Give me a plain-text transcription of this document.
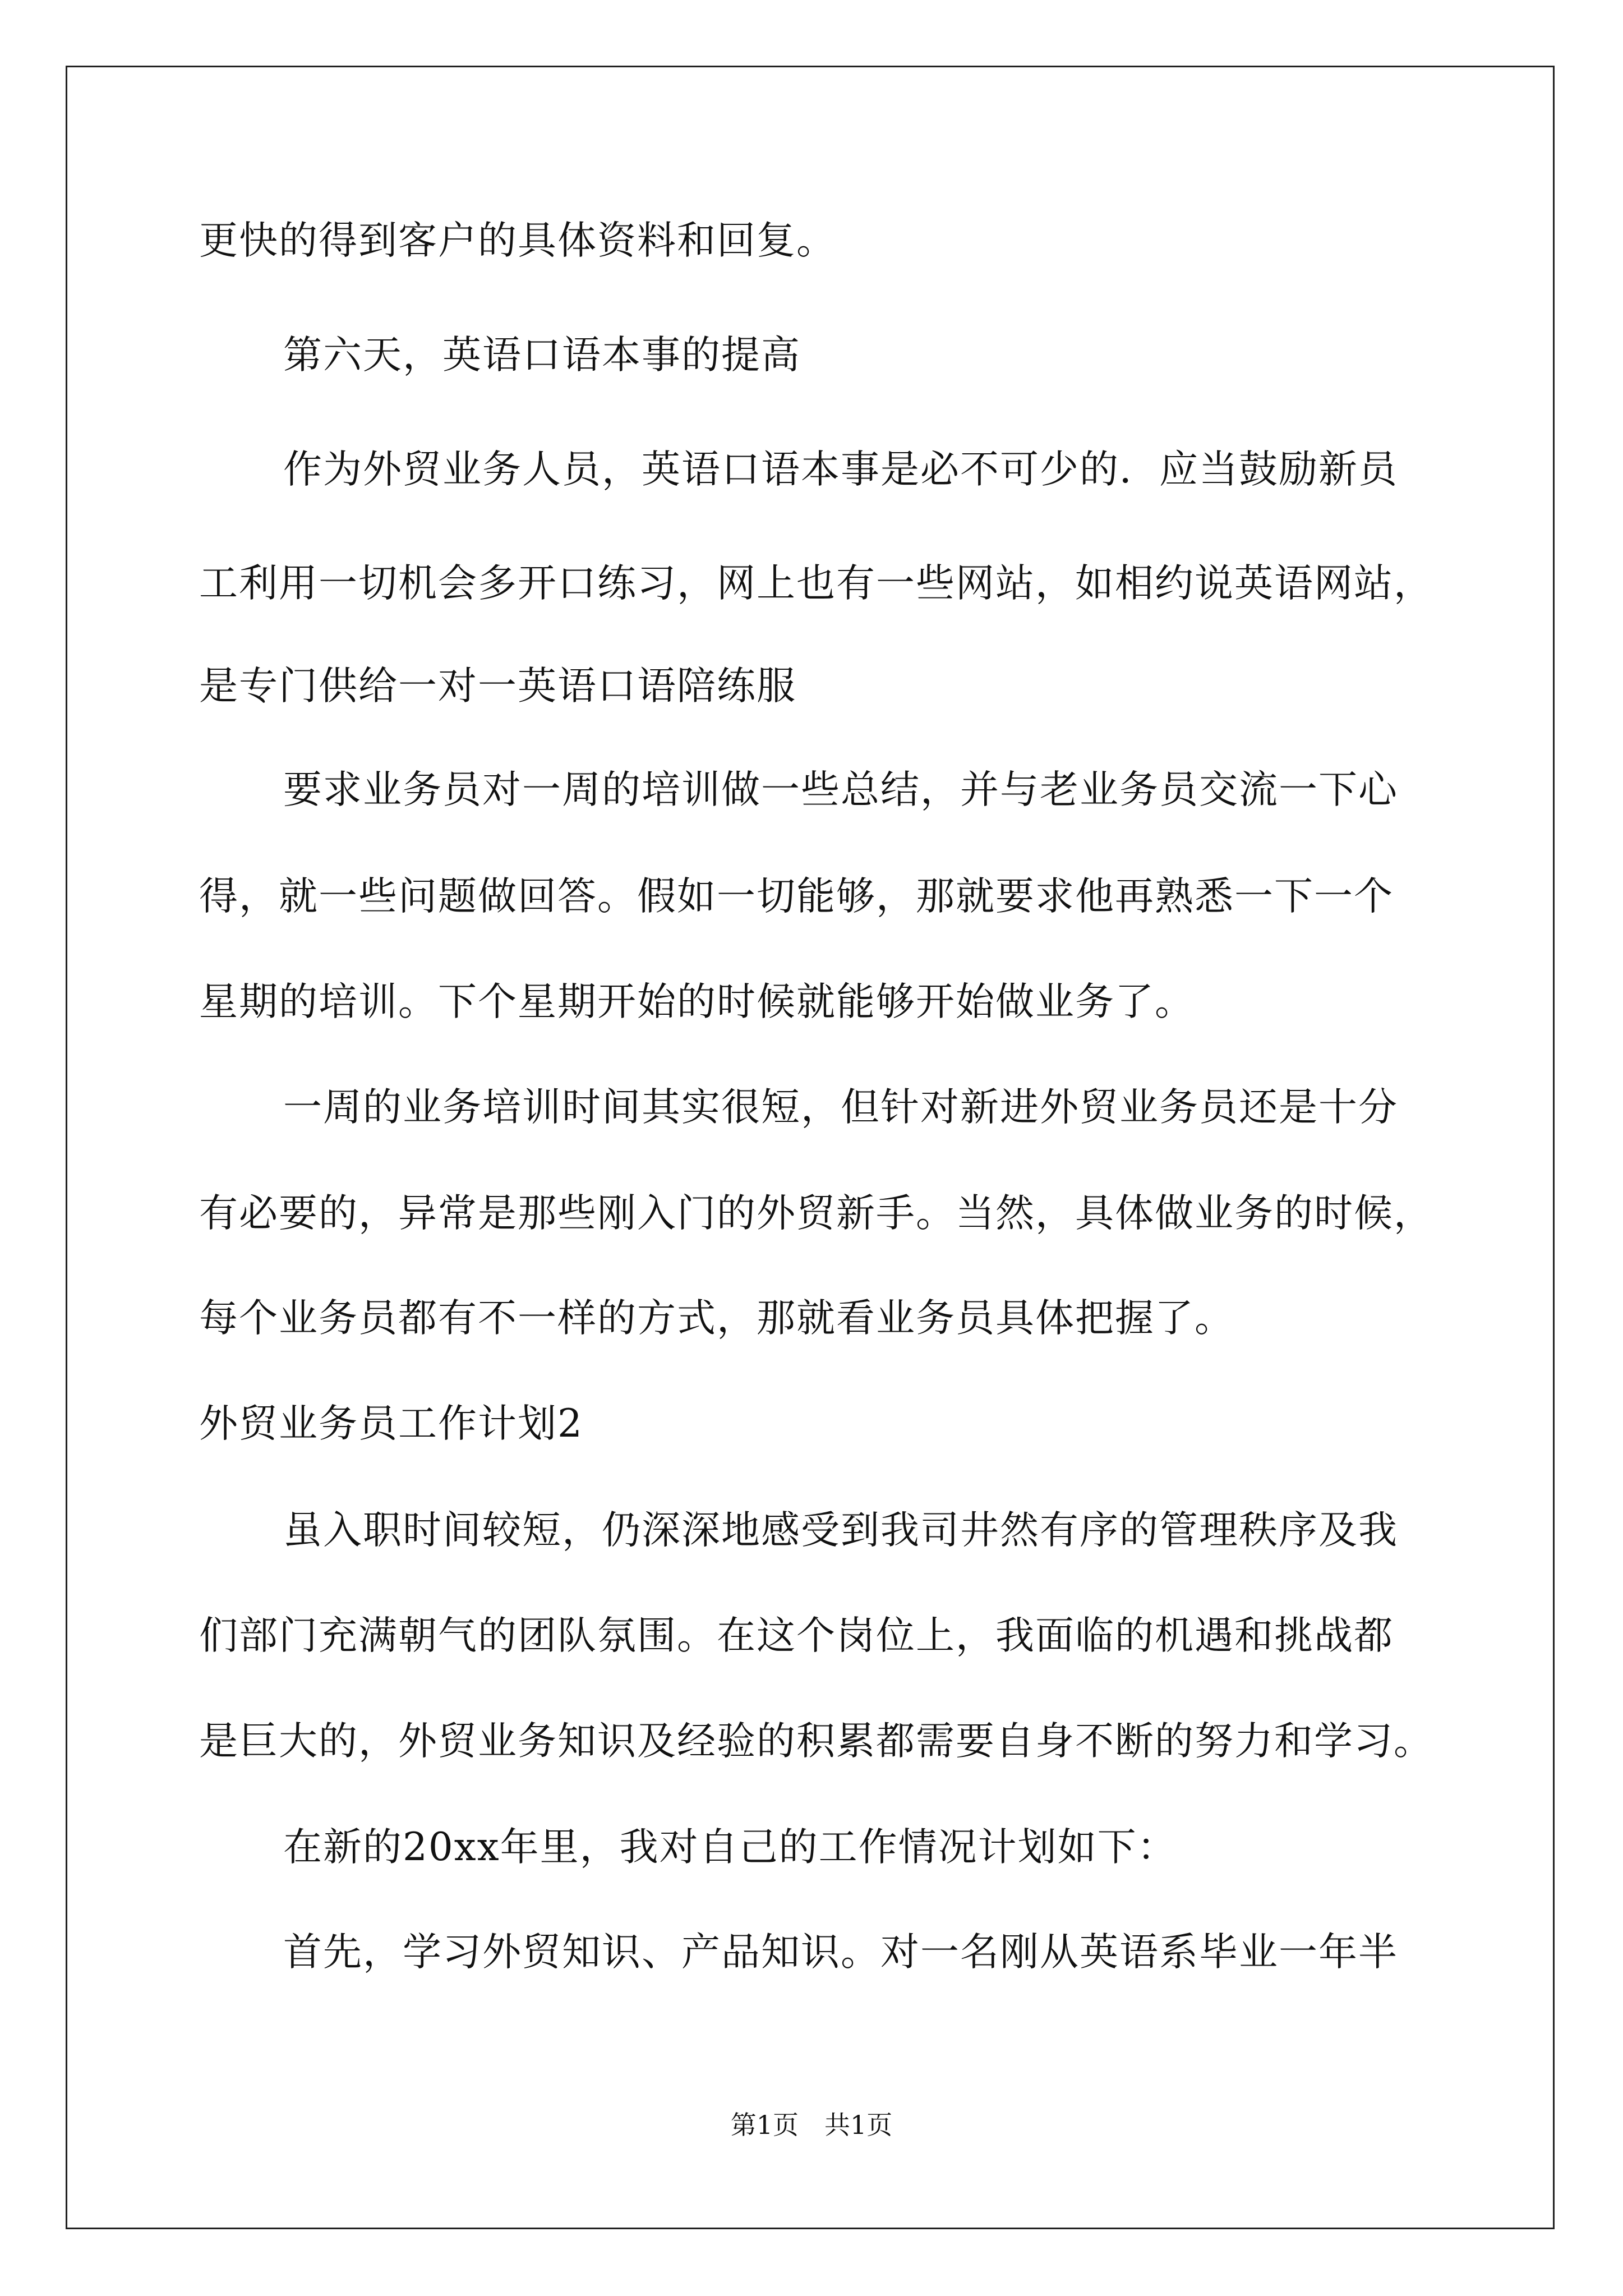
更快的得到客户的具体资料和回复。
第六天，英语口语本事的提高
作为外贸业务人员，英语口语本事是必不可少的．应当鼓励新员
工利用一切机会多开口练习，网上也有一些网站，如相约说英语网站，
是专门供给一对一英语口语陪练服
要求业务员对一周的培训做一些总结，并与老业务员交流一下心
得，就一些问题做回答。假如一切能够，那就要求他再熟悉一下一个
星期的培训。下个星期开始的时候就能够开始做业务了。
一周的业务培训时间其实很短，但针对新进外贸业务员还是十分
有必要的，异常是那些刚入门的外贸新手。当然，具体做业务的时候，
每个业务员都有不一样的方式，那就看业务员具体把握了。
外贸业务员工作计划2
虽入职时间较短，仍深深地感受到我司井然有序的管理秩序及我
们部门充满朝气的团队氛围。在这个岗位上，我面临的机遇和挑战都
是巨大的，外贸业务知识及经验的积累都需要自身不断的努力和学习。
在新的20xx年里，我对自己的工作情况计划如下：
首先，学习外贸知识、产品知识。对一名刚从英语系毕业一年半
第1页　共1页
